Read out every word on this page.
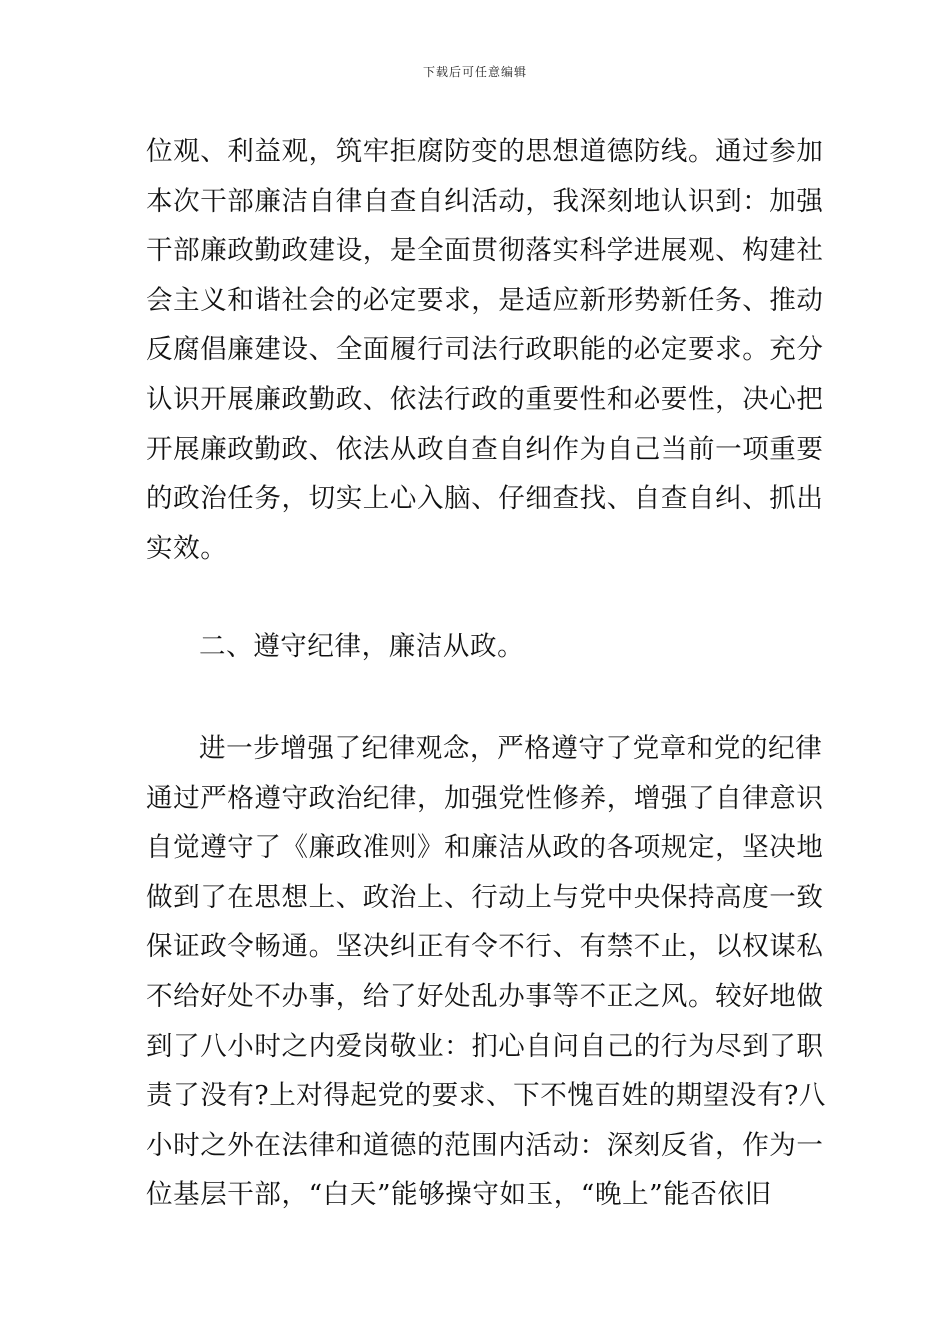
下载后可任意编辑
位观、利益观，筑牢拒腐防变的思想道德防线。通过参加
本次干部廉洁自律自查自纠活动，我深刻地认识到：加强
干部廉政勤政建设，是全面贯彻落实科学进展观、构建社
会主义和谐社会的必定要求，是适应新形势新任务、推动
反腐倡廉建设、全面履行司法行政职能的必定要求。充分
认识开展廉政勤政、依法行政的重要性和必要性，决心把
开展廉政勤政、依法从政自查自纠作为自己当前一项重要
的政治任务，切实上心入脑、仔细查找、自查自纠、抓出
实效。
二、遵守纪律，廉洁从政。
进一步增强了纪律观念，严格遵守了党章和党的纪律
通过严格遵守政治纪律，加强党性修养，增强了自律意识
自觉遵守了《廉政准则》和廉洁从政的各项规定，坚决地
做到了在思想上、政治上、行动上与党中央保持高度一致
保证政令畅通。坚决纠正有令不行、有禁不止，以权谋私
不给好处不办事，给了好处乱办事等不正之风。较好地做
到了八小时之内爱岗敬业：扪心自问自己的行为尽到了职
责了没有?上对得起党的要求、下不愧百姓的期望没有?八
小时之外在法律和道德的范围内活动：深刻反省，作为一
位基层干部，“白天”能够操守如玉，“晚上”能否依旧
